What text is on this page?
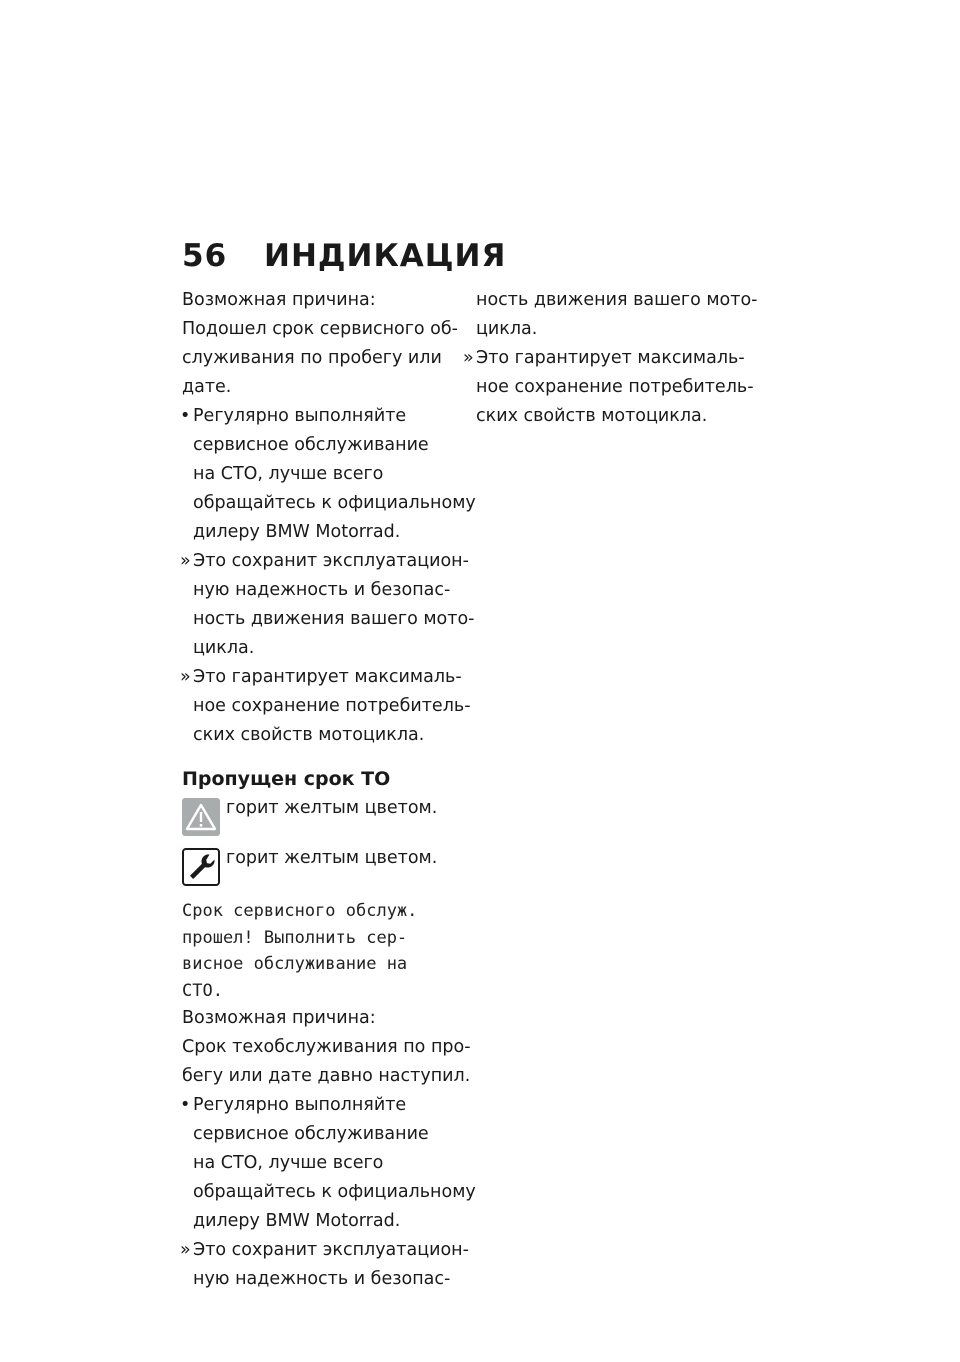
56 ИНДИКАЦИЯ
Возможная причина:
Подошел срок сервисного об-
служивания по пробегу или
дате.
• Регулярно выполняйте
сервисное обслуживание
на СТО, лучше всего
обращайтесь к официальному
дилеру BMW Motorrad.
» Это сохранит эксплуатацион-
ную надежность и безопас-
ность движения вашего мото-
цикла.
» Это гарантирует максималь-
ное сохранение потребитель-
ских свойств мотоцикла.
Пропущен срок ТО
горит желтым цветом.
горит желтым цветом.
Срок сервисного обслуж.
прошел! Выполнить сер-
висное обслуживание на
СТО.
Возможная причина:
Срок техобслуживания по про-
бегу или дате давно наступил.
• Регулярно выполняйте
сервисное обслуживание
на СТО, лучше всего
обращайтесь к официальному
дилеру BMW Motorrad.
» Это сохранит эксплуатацион-
ную надежность и безопас-
ность движения вашего мото-
цикла.
» Это гарантирует максималь-
ное сохранение потребитель-
ских свойств мотоцикла.
